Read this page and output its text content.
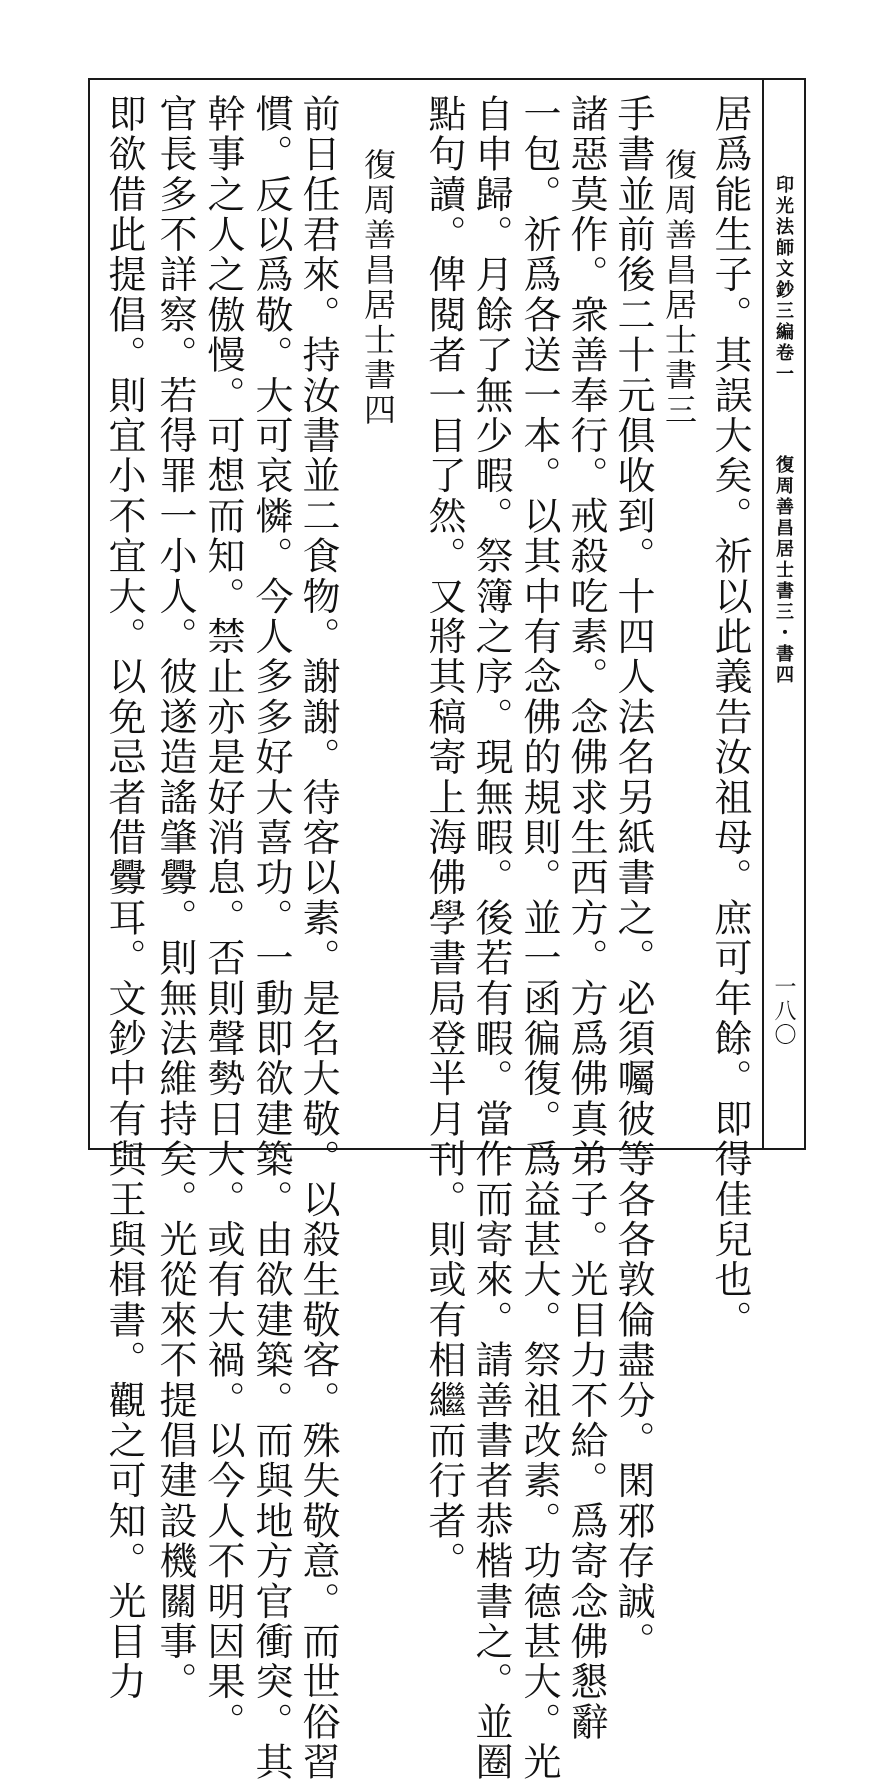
印光法師文鈔三編卷一
復周善昌居士書三・書四
一八〇
居爲能生子。其誤大矣。祈以此義告汝祖母。庶可年餘。即得佳兒也。
復周善昌居士書三
手書並前後二十元俱收到。十四人法名另紙書之。必須囑彼等各各敦倫盡分。閑邪存誠。
諸惡莫作。衆善奉行。戒殺吃素。念佛求生西方。方爲佛真弟子。光目力不給。爲寄念佛懇辭
一包。祈爲各送一本。以其中有念佛的規則。並一函徧復。爲益甚大。祭祖改素。功德甚大。光
自申歸。月餘了無少暇。祭簿之序。現無暇。後若有暇。當作而寄來。請善書者恭楷書之。並圈
點句讀。俾閱者一目了然。又將其稿寄上海佛學書局登半月刊。則或有相繼而行者。
復周善昌居士書四
前日任君來。持汝書並二食物。謝謝。待客以素。是名大敬。以殺生敬客。殊失敬意。而世俗習
慣。反以爲敬。大可哀憐。今人多多好大喜功。一動即欲建築。由欲建築。而與地方官衝突。其
幹事之人之傲慢。可想而知。禁止亦是好消息。否則聲勢日大。或有大禍。以今人不明因果。
官長多不詳察。若得罪一小人。彼遂造謠肇釁。則無法維持矣。光從來不提倡建設機關事。
即欲借此提倡。則宜小不宜大。以免忌者借釁耳。文鈔中有與王與楫書。觀之可知。光目力
